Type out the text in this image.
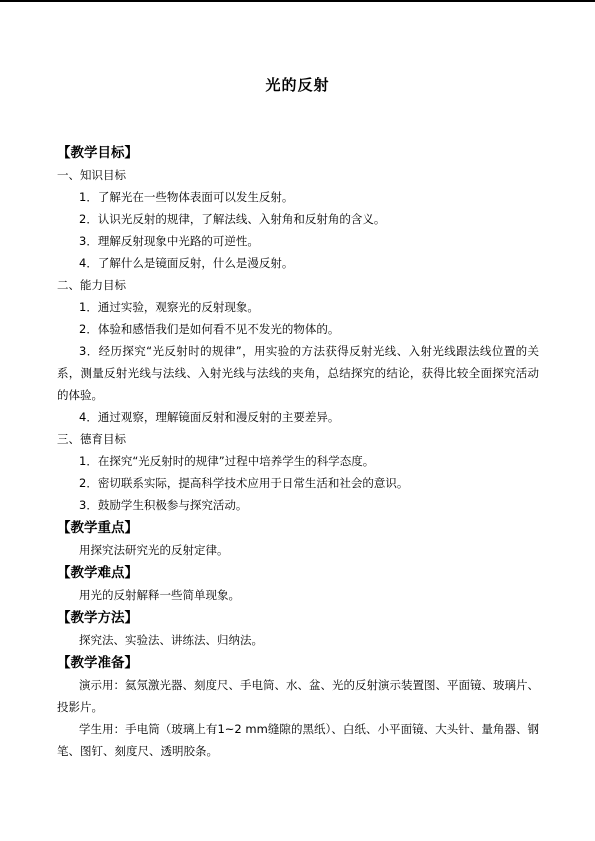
光的反射
【教学目标】
一、知识目标
1．了解光在一些物体表面可以发生反射。
2．认识光反射的规律，了解法线、入射角和反射角的含义。
3．理解反射现象中光路的可逆性。
4．了解什么是镜面反射，什么是漫反射。
二、能力目标
1．通过实验，观察光的反射现象。
2．体验和感悟我们是如何看不见不发光的物体的。
3．经历探究“光反射时的规律”，用实验的方法获得反射光线、入射光线跟法线位置的关系，测量反射光线与法线、入射光线与法线的夹角，总结探究的结论，获得比较全面探究活动的体验。
4．通过观察，理解镜面反射和漫反射的主要差异。
三、德育目标
1．在探究“光反射时的规律”过程中培养学生的科学态度。
2．密切联系实际，提高科学技术应用于日常生活和社会的意识。
3．鼓励学生积极参与探究活动。
【教学重点】
用探究法研究光的反射定律。
【教学难点】
用光的反射解释一些简单现象。
【教学方法】
探究法、实验法、讲练法、归纳法。
【教学准备】
演示用：氦氖激光器、刻度尺、手电筒、水、盆、光的反射演示装置图、平面镜、玻璃片、投影片。
学生用：手电筒（玻璃上有1~2 mm缝隙的黑纸）、白纸、小平面镜、大头针、量角器、钢笔、图钉、刻度尺、透明胶条。
